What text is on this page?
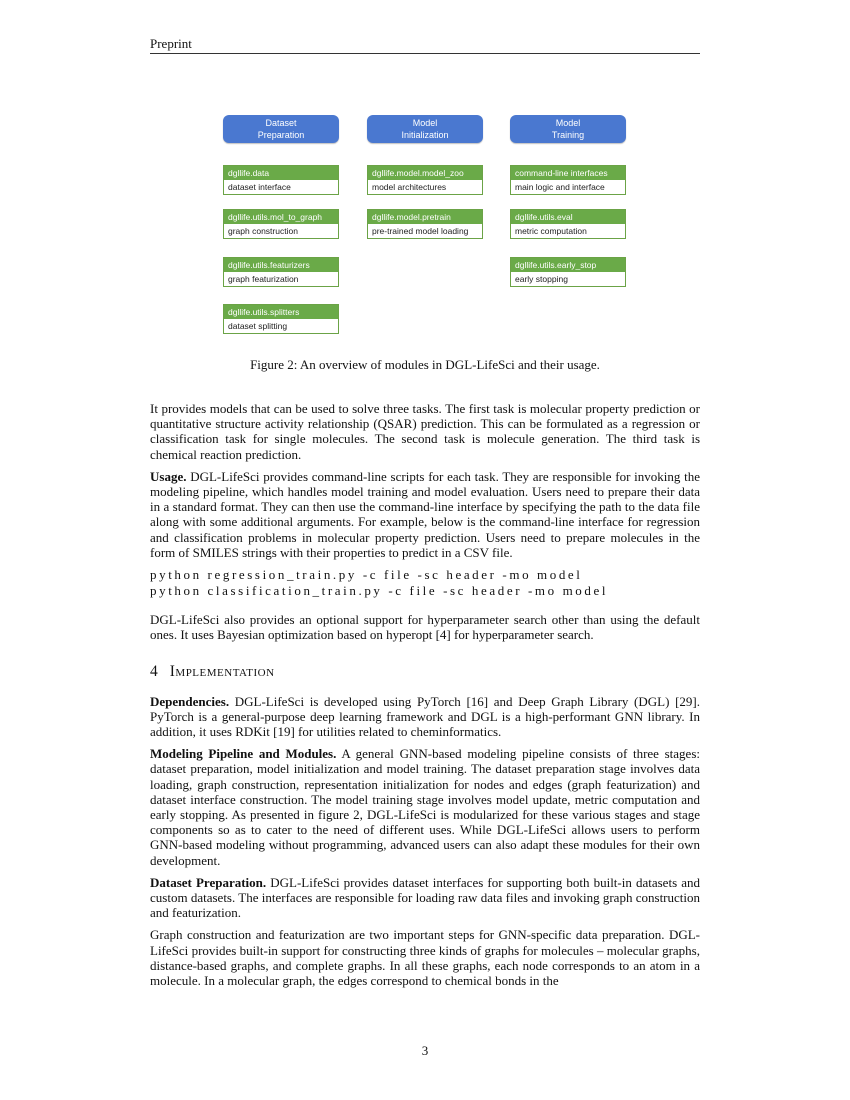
Preprint
Dataset
Preparation
dgllife.data
dataset interface
dgllife.utils.mol_to_graph
graph construction
dgllife.utils.featurizers
graph featurization
dgllife.utils.splitters
dataset splitting
Model
Initialization
dgllife.model.model_zoo
model architectures
dgllife.model.pretrain
pre-trained model loading
Model
Training
command-line interfaces
main logic and interface
dgllife.utils.eval
metric computation
dgllife.utils.early_stop
early stopping
Figure 2: An overview of modules in DGL-LifeSci and their usage.

It provides models that can be used to solve three tasks. The first task is molecular property prediction or quantitative structure activity relationship (QSAR) prediction. This can be formulated as a regression or classification task for single molecules. The second task is molecule generation. The third task is chemical reaction prediction.

Usage. DGL-LifeSci provides command-line scripts for each task. They are responsible for invoking the modeling pipeline, which handles model training and model evaluation. Users need to prepare their data in a standard format. They can then use the command-line interface by specifying the path to the data file along with some additional arguments. For example, below is the command-line interface for regression and classification problems in molecular property prediction. Users need to prepare molecules in the form of SMILES strings with their properties to predict in a CSV file.

python regression_train.py -c file -sc header -mo model
python classification_train.py -c file -sc header -mo model

DGL-LifeSci also provides an optional support for hyperparameter search other than using the default ones. It uses Bayesian optimization based on hyperopt [4] for hyperparameter search.

4 Implementation

Dependencies. DGL-LifeSci is developed using PyTorch [16] and Deep Graph Library (DGL) [29]. PyTorch is a general-purpose deep learning framework and DGL is a high-performant GNN library. In addition, it uses RDKit [19] for utilities related to cheminformatics.

Modeling Pipeline and Modules. A general GNN-based modeling pipeline consists of three stages: dataset preparation, model initialization and model training. The dataset preparation stage involves data loading, graph construction, representation initialization for nodes and edges (graph featurization) and dataset interface construction. The model training stage involves model update, metric computation and early stopping. As presented in figure 2, DGL-LifeSci is modularized for these various stages and stage components so as to cater to the need of different uses. While DGL-LifeSci allows users to perform GNN-based modeling without programming, advanced users can also adapt these modules for their own development.

Dataset Preparation. DGL-LifeSci provides dataset interfaces for supporting both built-in datasets and custom datasets. The interfaces are responsible for loading raw data files and invoking graph construction and featurization.

Graph construction and featurization are two important steps for GNN-specific data preparation. DGL-LifeSci provides built-in support for constructing three kinds of graphs for molecules – molecular graphs, distance-based graphs, and complete graphs. In all these graphs, each node corresponds to an atom in a molecule. In a molecular graph, the edges correspond to chemical bonds in the

3
